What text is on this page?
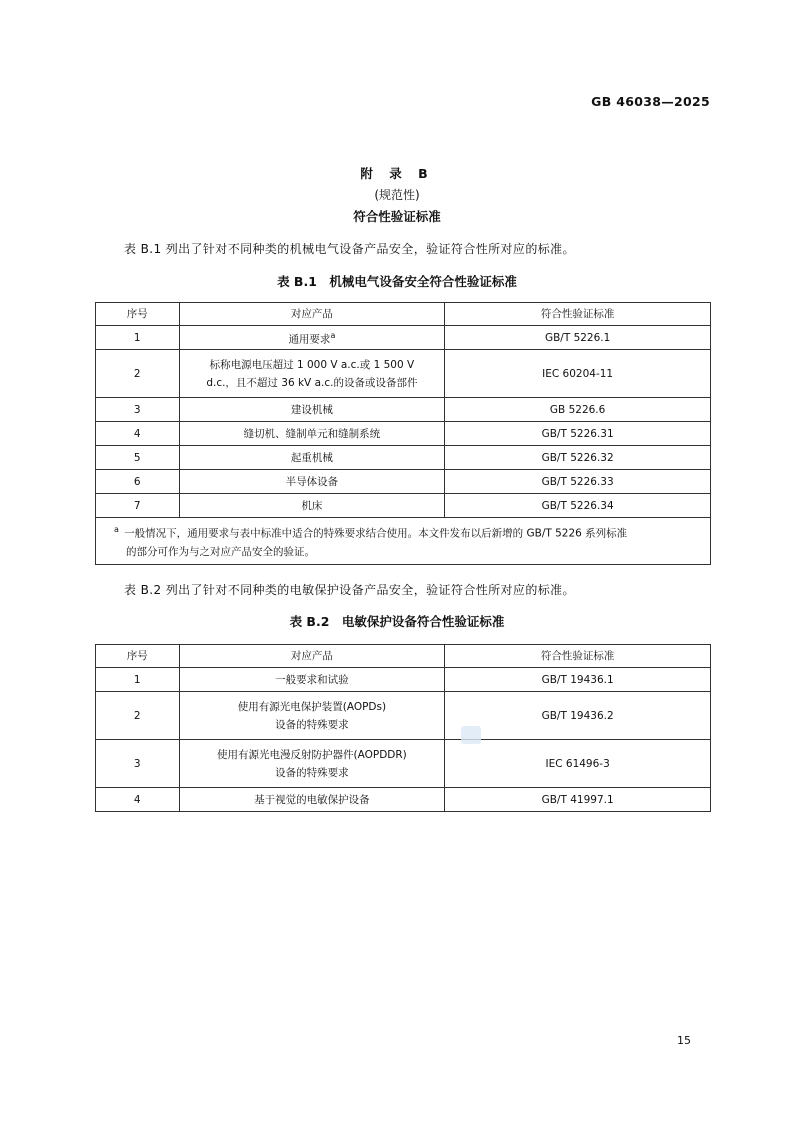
GB 46038—2025
附 录 B
(规范性)
符合性验证标准
表 B.1 列出了针对不同种类的机械电气设备产品安全，验证符合性所对应的标准。
表 B.1　机械电气设备安全符合性验证标准
序号	对应产品	符合性验证标准
1	通用要求$^a$	GB/T 5226.1
2	标称电源电压超过 1 000 V a.c.或 1 500 V
d.c.，且不超过 36 kV a.c.的设备或设备部件	IEC 60204-11
3	建设机械	GB 5226.6
4	缝切机、缝制单元和缝制系统	GB/T 5226.31
5	起重机械	GB/T 5226.32
6	半导体设备	GB/T 5226.33
7	机床	GB/T 5226.34

$^a$  一般情况下，通用要求与表中标准中适合的特殊要求结合使用。本文件发布以后新增的 GB/T 5226 系列标准
的部分可作为与之对应产品安全的验证。		
表 B.2 列出了针对不同种类的电敏保护设备产品安全，验证符合性所对应的标准。
表 B.2　电敏保护设备符合性验证标准
序号	对应产品	符合性验证标准
1	一般要求和试验	GB/T 19436.1
2	使用有源光电保护装置(AOPDs)
设备的特殊要求	GB/T 19436.2
3	使用有源光电漫反射防护器件(AOPDDR)
设备的特殊要求	IEC 61496-3
4	基于视觉的电敏保护设备	GB/T 41997.1
15
